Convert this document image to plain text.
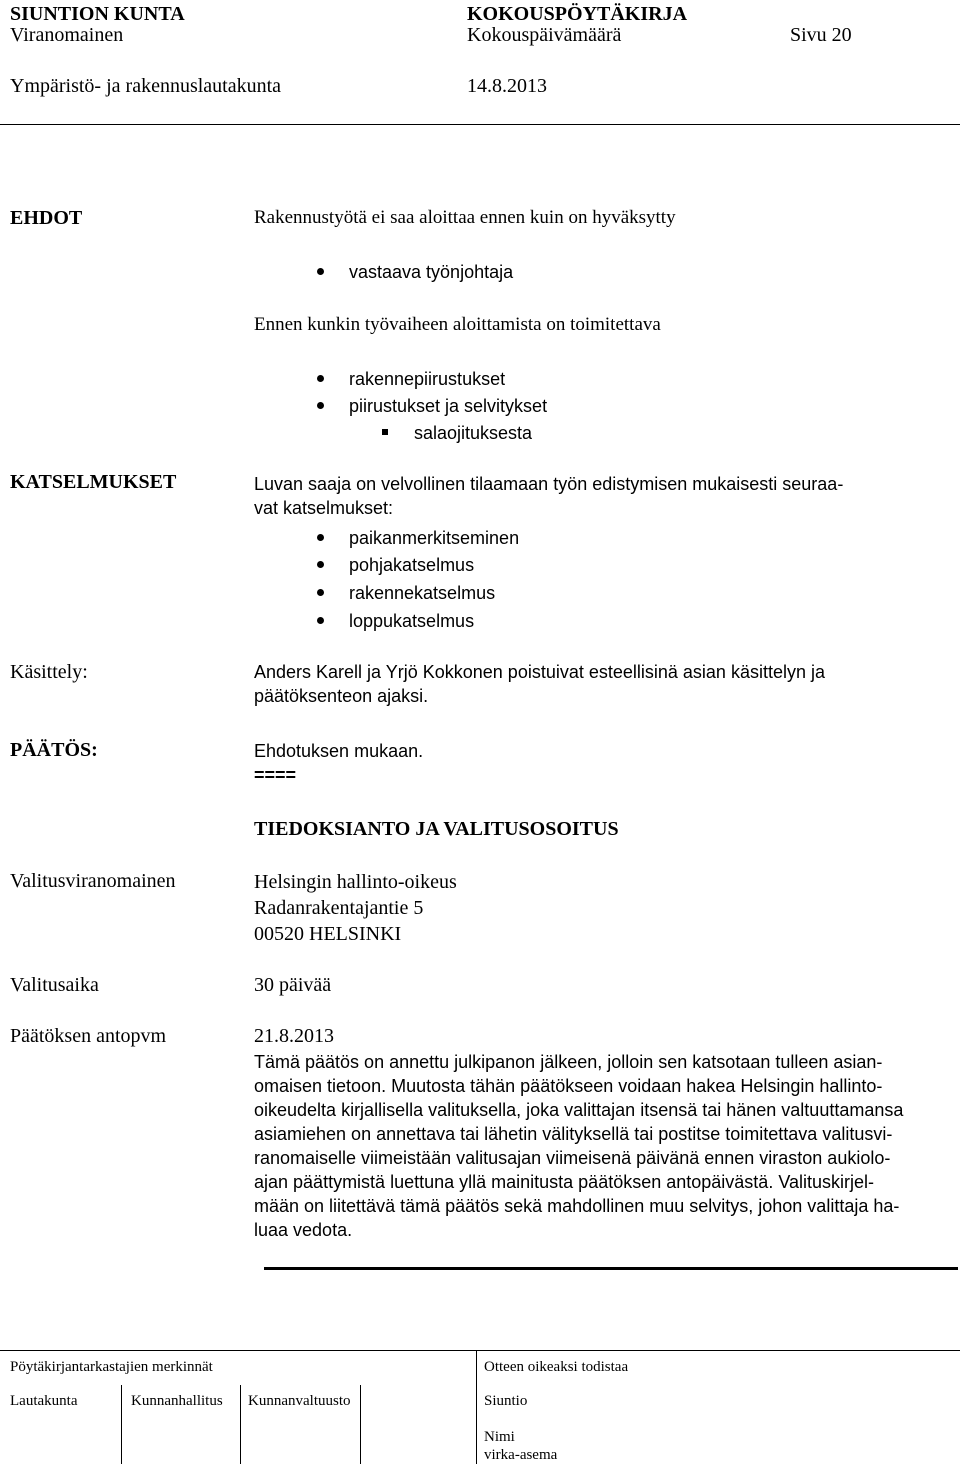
SIUNTION KUNTA	KOKOUSPÖYTÄKIRJA
Viranomainen	Kokouspäivämäärä	Sivu 20
Ympäristö- ja rakennuslautakunta	14.8.2013
EHDOT	Rakennustyötä ei saa aloittaa ennen kuin on hyväksytty
vastaava työnjohtaja
Ennen kunkin työvaiheen aloittamista on toimitettava
rakennepiirustukset
piirustukset ja selvitykset
salaojituksesta
KATSELMUKSET	Luvan saaja on velvollinen tilaamaan työn edistymisen mukaisesti seuraa-
vat katselmukset:
paikanmerkitseminen
pohjakatselmus
rakennekatselmus
loppukatselmus
Käsittely:	Anders Karell ja Yrjö Kokkonen poistuivat esteellisinä asian käsittelyn ja
päätöksenteon ajaksi.
PÄÄTÖS:	Ehdotuksen mukaan.
====
TIEDOKSIANTO JA VALITUSOSOITUS
Valitusviranomainen	Helsingin hallinto-oikeus
Radanrakentajantie 5
00520 HELSINKI
Valitusaika	30 päivää
Päätöksen antopvm	21.8.2013
Tämä päätös on annettu julkipanon jälkeen, jolloin sen katsotaan tulleen asian-
omaisen tietoon. Muutosta tähän päätökseen voidaan hakea Helsingin hallinto-
oikeudelta kirjallisella valituksella, joka valittajan itsensä tai hänen valtuuttamansa
asiamiehen on annettava tai lähetin välityksellä tai postitse toimitettava valitusvi-
ranomaiselle viimeistään valitusajan viimeisenä päivänä ennen viraston aukiolo-
ajan päättymistä luettuna yllä mainitusta päätöksen antopäivästä. Valituskirjel-
mään on liitettävä tämä päätös sekä mahdollinen muu selvitys, johon valittaja ha-
luaa vedota.
Pöytäkirjantarkastajien merkinnät	Otteen oikeaksi todistaa
Lautakunta	Kunnanhallitus Kunnanvaltuusto	Siuntio
Nimi
virka-asema
